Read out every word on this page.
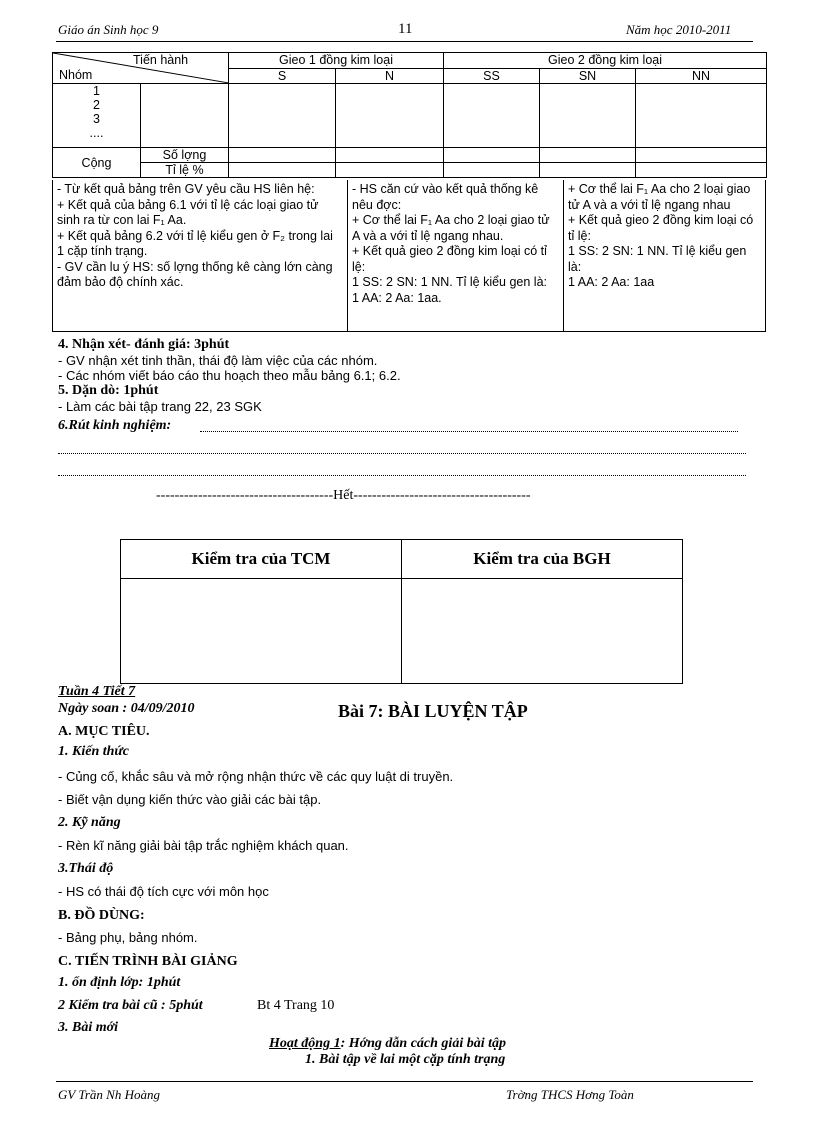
Giáo án Sinh học 9	11	Năm học 2010-2011
Tiến hành
Nhóm		Gieo 1 đồng kim loại		Gieo 2 đồng kim loại		
		S	N	SS	SN	NN

1
2
3
....						

Cộng	Số lợng					
	Tỉ lệ %					
- Từ kết quả bảng trên GV yêu cầu HS liên hệ:
+ Kết quả của bảng 6.1 với tỉ lệ các loại giao tử sinh ra từ con lai F₁ Aa.
+ Kết quả bảng 6.2 với tỉ lệ kiểu gen ở F₂ trong lai 1 cặp tính trạng.
- GV cần lu ý HS: số lợng thống kê càng lớn càng đảm bảo độ chính xác.
- HS căn cứ vào kết quả thống kê nêu đợc:
+ Cơ thể lai F₁ Aa cho 2 loại giao tử A và a với tỉ lệ ngang nhau.
+ Kết quả gieo 2 đồng kim loại có tỉ lệ:
1 SS: 2 SN: 1 NN. Tỉ lệ kiểu gen là:
1 AA: 2 Aa: 1aa.
+ Cơ thể lai F₁ Aa cho 2 loại giao tử A và a với tỉ lệ ngang nhau
+ Kết quả gieo 2 đồng kim loại có tỉ lệ:
1 SS: 2 SN: 1 NN. Tỉ lệ kiểu gen là:
1 AA: 2 Aa: 1aa
4. Nhận xét- đánh giá: 3phút
- GV nhận xét tinh thần, thái độ làm việc của các nhóm.
- Các nhóm viết báo cáo thu hoạch theo mẫu bảng 6.1; 6.2.
5. Dặn dò: 1phút
- Làm các bài tập trang 22, 23 SGK
6.Rút kinh nghiệm:
--------------------------------------Hết--------------------------------------
Kiểm tra của TCM	Kiểm tra của BGH

Tuần 4 Tiết 7
Ngày soan : 04/09/2010	Bài 7: BÀI LUYỆN TẬP
A. MỤC TIÊU.
1. Kiến thức
- Củng cố, khắc sâu và mở rộng nhận thức về các quy luật di truyền.
- Biết vận dụng kiến thức vào giải các bài tập.
2. Kỹ năng
- Rèn kĩ năng giải bài tập trắc nghiệm khách quan.
3.Thái độ
- HS có thái độ tích cực với môn học
B. ĐỒ DÙNG:
- Bảng phụ, bảng nhóm.
C. TIẾN TRÌNH BÀI GIẢNG
1. ổn định lớp: 1phút
2 Kiểm tra bài cũ : 5phút	Bt 4 Trang 10
3. Bài mới
Hoạt động 1: Hớng dẫn cách giải bài tập
1. Bài tập về lai một cặp tính trạng
GV Trần Nh Hoàng	Trờng THCS Hơng Toàn
